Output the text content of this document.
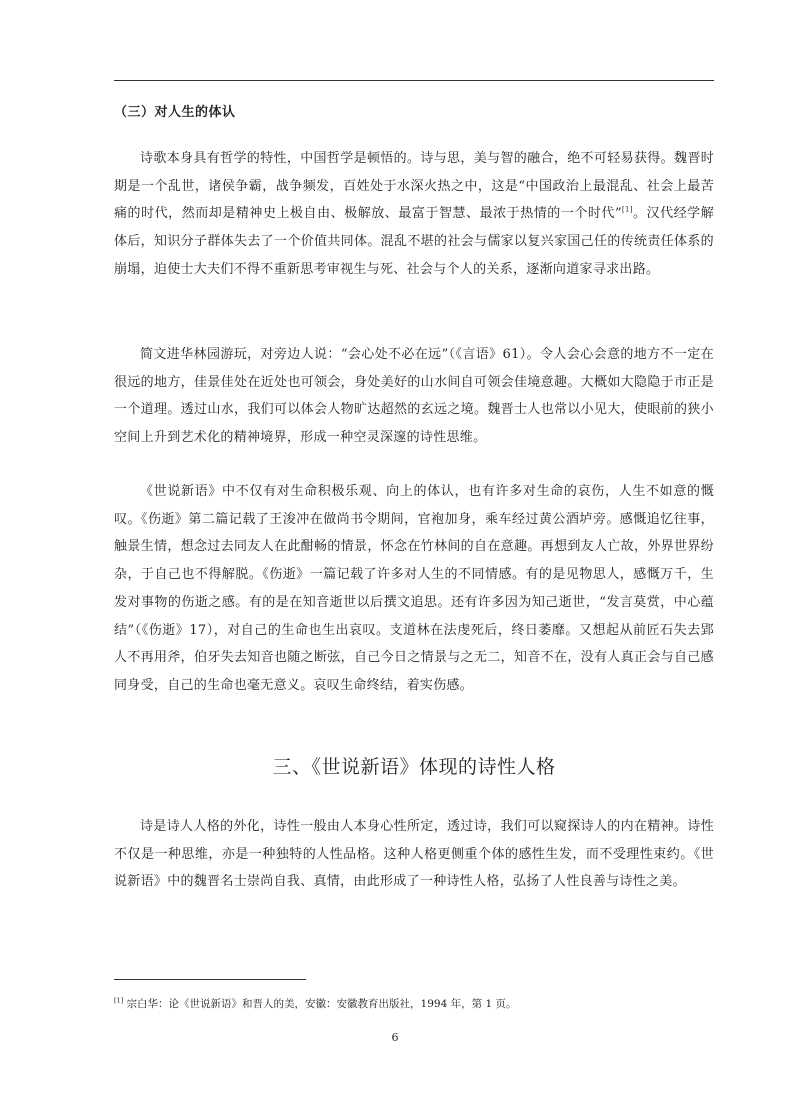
（三）对人生的体认

诗歌本身具有哲学的特性，中国哲学是顿悟的。诗与思，美与智的融合，绝不可轻易获得。魏晋时期是一个乱世，诸侯争霸，战争频发，百姓处于水深火热之中，这是“中国政治上最混乱、社会上最苦痛的时代，然而却是精神史上极自由、极解放、最富于智慧、最浓于热情的一个时代”[1]。汉代经学解体后，知识分子群体失去了一个价值共同体。混乱不堪的社会与儒家以复兴家国己任的传统责任体系的崩塌，迫使士大夫们不得不重新思考审视生与死、社会与个人的关系，逐渐向道家寻求出路。

简文进华林园游玩，对旁边人说：“会心处不必在远”（《言语》61）。令人会心会意的地方不一定在很远的地方，佳景佳处在近处也可领会，身处美好的山水间自可领会佳境意趣。大概如大隐隐于市正是一个道理。透过山水，我们可以体会人物旷达超然的玄远之境。魏晋士人也常以小见大，使眼前的狭小空间上升到艺术化的精神境界，形成一种空灵深邃的诗性思维。

《世说新语》中不仅有对生命积极乐观、向上的体认，也有许多对生命的哀伤，人生不如意的慨叹。《伤逝》第二篇记载了王浚冲在做尚书令期间，官袍加身，乘车经过黄公酒垆旁。感慨追忆往事，触景生情，想念过去同友人在此酣畅的情景，怀念在竹林间的自在意趣。再想到友人亡故，外界世界纷杂，于自己也不得解脱。《伤逝》一篇记载了许多对人生的不同情感。有的是见物思人，感慨万千，生发对事物的伤逝之感。有的是在知音逝世以后撰文追思。还有许多因为知己逝世，“发言莫赏，中心蕴结”（《伤逝》17），对自己的生命也生出哀叹。支道林在法虔死后，终日萎靡。又想起从前匠石失去郢人不再用斧，伯牙失去知音也随之断弦，自己今日之情景与之无二，知音不在，没有人真正会与自己感同身受，自己的生命也毫无意义。哀叹生命终结，着实伤感。

三、《世说新语》体现的诗性人格

诗是诗人人格的外化，诗性一般由人本身心性所定，透过诗，我们可以窥探诗人的内在精神。诗性不仅是一种思维，亦是一种独特的人性品格。这种人格更侧重个体的感性生发，而不受理性束约。《世说新语》中的魏晋名士崇尚自我、真情，由此形成了一种诗性人格，弘扬了人性良善与诗性之美。

[1] 宗白华：论《世说新语》和晋人的美，安徽：安徽教育出版社，1994 年，第 1 页。
6
